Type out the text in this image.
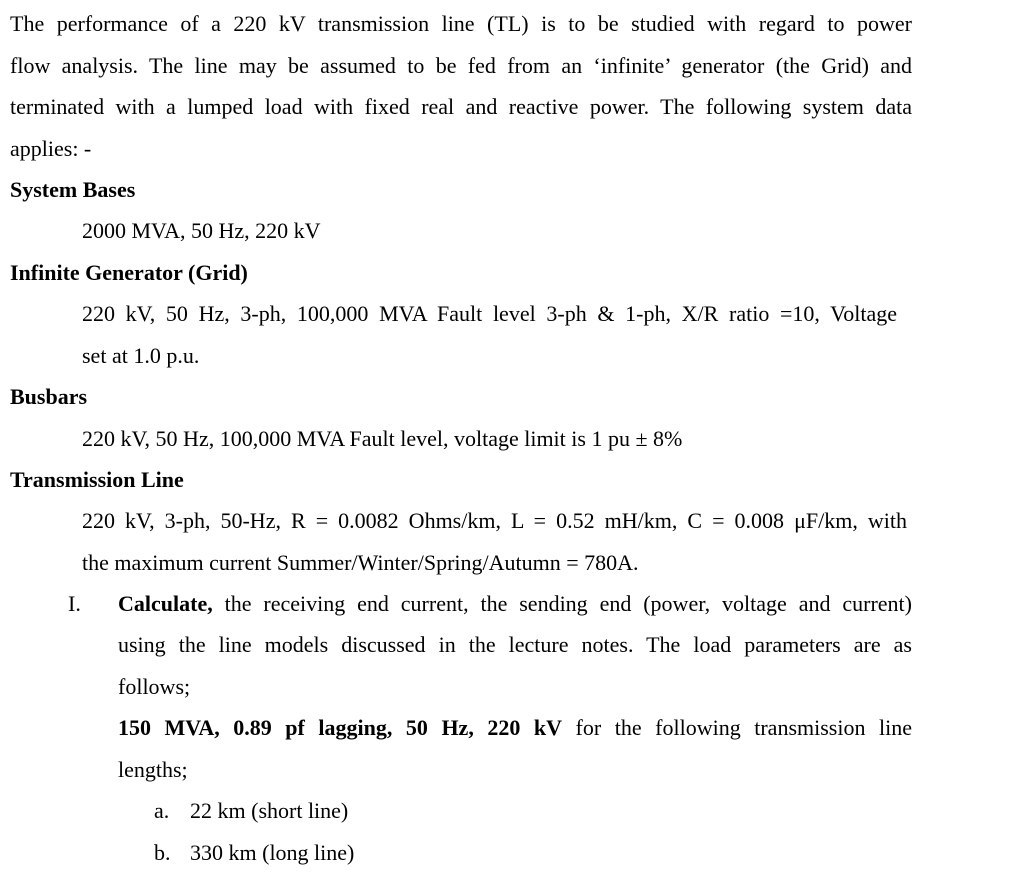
The performance of a 220 kV transmission line (TL) is to be studied with regard to power
flow analysis. The line may be assumed to be fed from an ‘infinite’ generator (the Grid) and
terminated with a lumped load with fixed real and reactive power. The following system data
applies: -
System Bases
2000 MVA, 50 Hz, 220 kV
Infinite Generator (Grid)
220 kV, 50 Hz, 3-ph, 100,000 MVA Fault level 3-ph & 1-ph, X/R ratio =10, Voltage
set at 1.0 p.u.
Busbars
220 kV, 50 Hz, 100,000 MVA Fault level, voltage limit is 1 pu ± 8%
Transmission Line
220 kV, 3-ph, 50-Hz, R = 0.0082 Ohms/km, L = 0.52 mH/km, C = 0.008 μF/km, with
the maximum current Summer/Winter/Spring/Autumn = 780A.
I. Calculate, the receiving end current, the sending end (power, voltage and current)
using the line models discussed in the lecture notes. The load parameters are as
follows;
150 MVA, 0.89 pf lagging, 50 Hz, 220 kV for the following transmission line
lengths;
a. 22 km (short line)
b. 330 km (long line)
